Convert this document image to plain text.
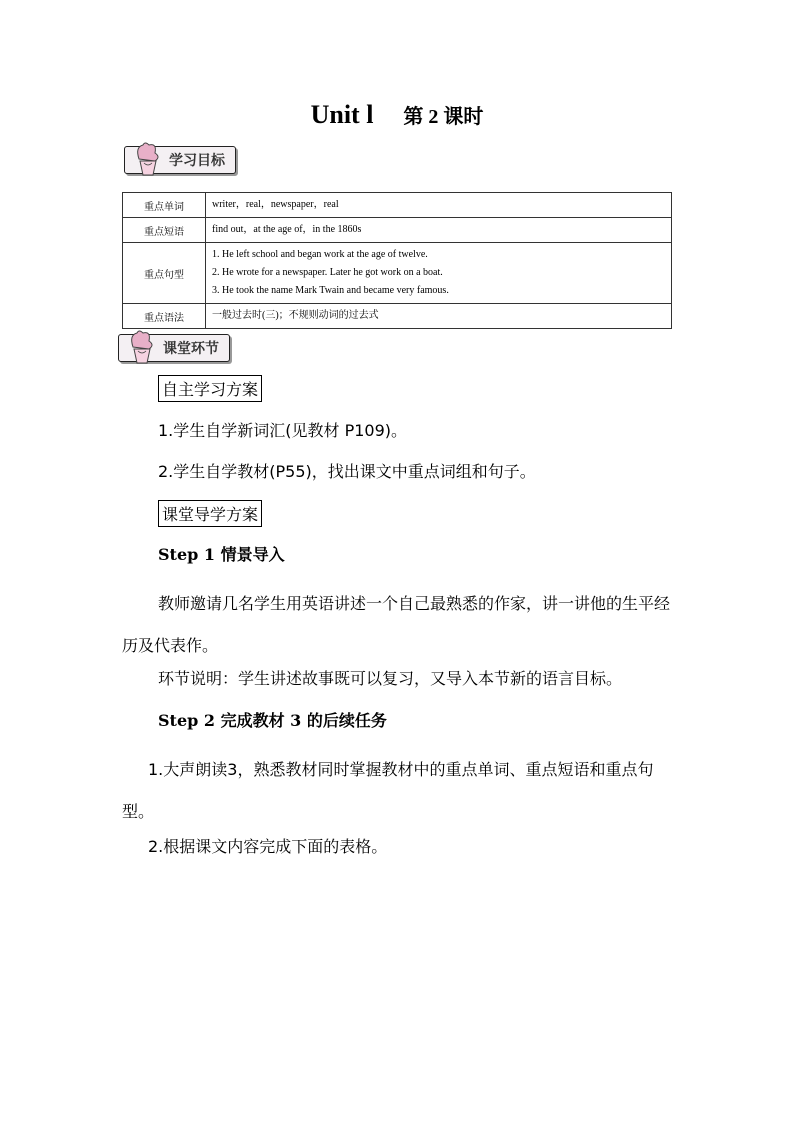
Unit l 第 2 课时
学习目标
重点单词	writer，real，newspaper，real

重点短语	find out，at the age of，in the 1860s

重点句型	1. He left school and began work at the age of twelve.
2. He wrote for a newspaper. Later he got work on a boat.
3. He took the name Mark Twain and became very famous.

重点语法	一般过去时(三)；不规则动词的过去式
课堂环节
自主学习方案
1.学生自学新词汇(见教材 P109)。
2.学生自学教材(P55)，找出课文中重点词组和句子。
课堂导学方案
Step 1 情景导入
教师邀请几名学生用英语讲述一个自己最熟悉的作家，讲一讲他的生平经历及代表作。
环节说明：学生讲述故事既可以复习，又导入本节新的语言目标。
Step 2 完成教材 3 的后续任务
1.大声朗读3，熟悉教材同时掌握教材中的重点单词、重点短语和重点句型。
2.根据课文内容完成下面的表格。
